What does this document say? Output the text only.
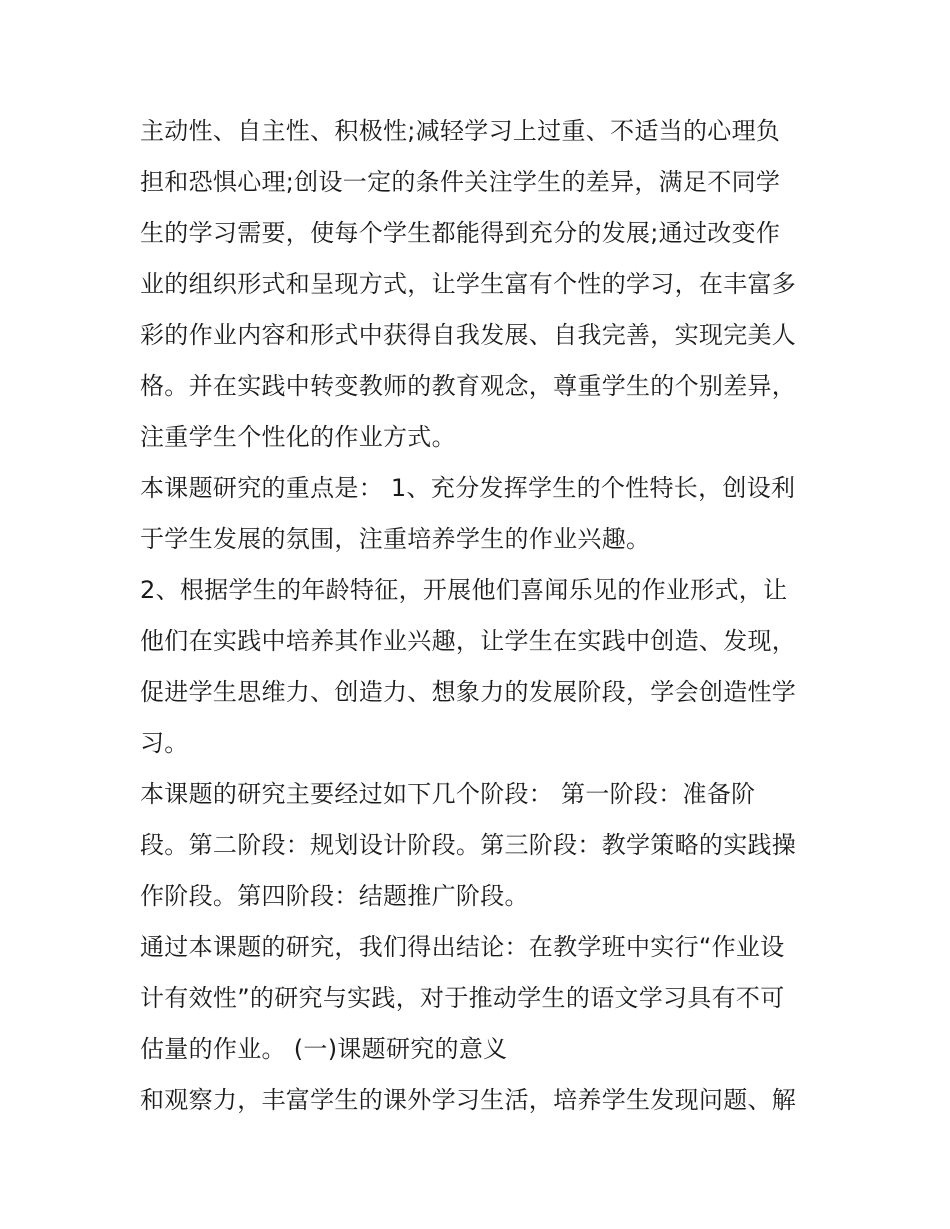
主动性、自主性、积极性;减轻学习上过重、不适当的心理负
担和恐惧心理;创设一定的条件关注学生的差异，满足不同学
生的学习需要，使每个学生都能得到充分的发展;通过改变作
业的组织形式和呈现方式，让学生富有个性的学习，在丰富多
彩的作业内容和形式中获得自我发展、自我完善，实现完美人
格。并在实践中转变教师的教育观念，尊重学生的个别差异，
注重学生个性化的作业方式。
本课题研究的重点是： 1、充分发挥学生的个性特长，创设利
于学生发展的氛围，注重培养学生的作业兴趣。
2、根据学生的年龄特征，开展他们喜闻乐见的作业形式，让
他们在实践中培养其作业兴趣，让学生在实践中创造、发现，
促进学生思维力、创造力、想象力的发展阶段，学会创造性学
习。
本课题的研究主要经过如下几个阶段： 第一阶段：准备阶
段。第二阶段：规划设计阶段。第三阶段：教学策略的实践操
作阶段。第四阶段：结题推广阶段。
通过本课题的研究，我们得出结论：在教学班中实行“作业设
计有效性”的研究与实践，对于推动学生的语文学习具有不可
估量的作业。 (一)课题研究的意义
和观察力，丰富学生的课外学习生活，培养学生发现问题、解
